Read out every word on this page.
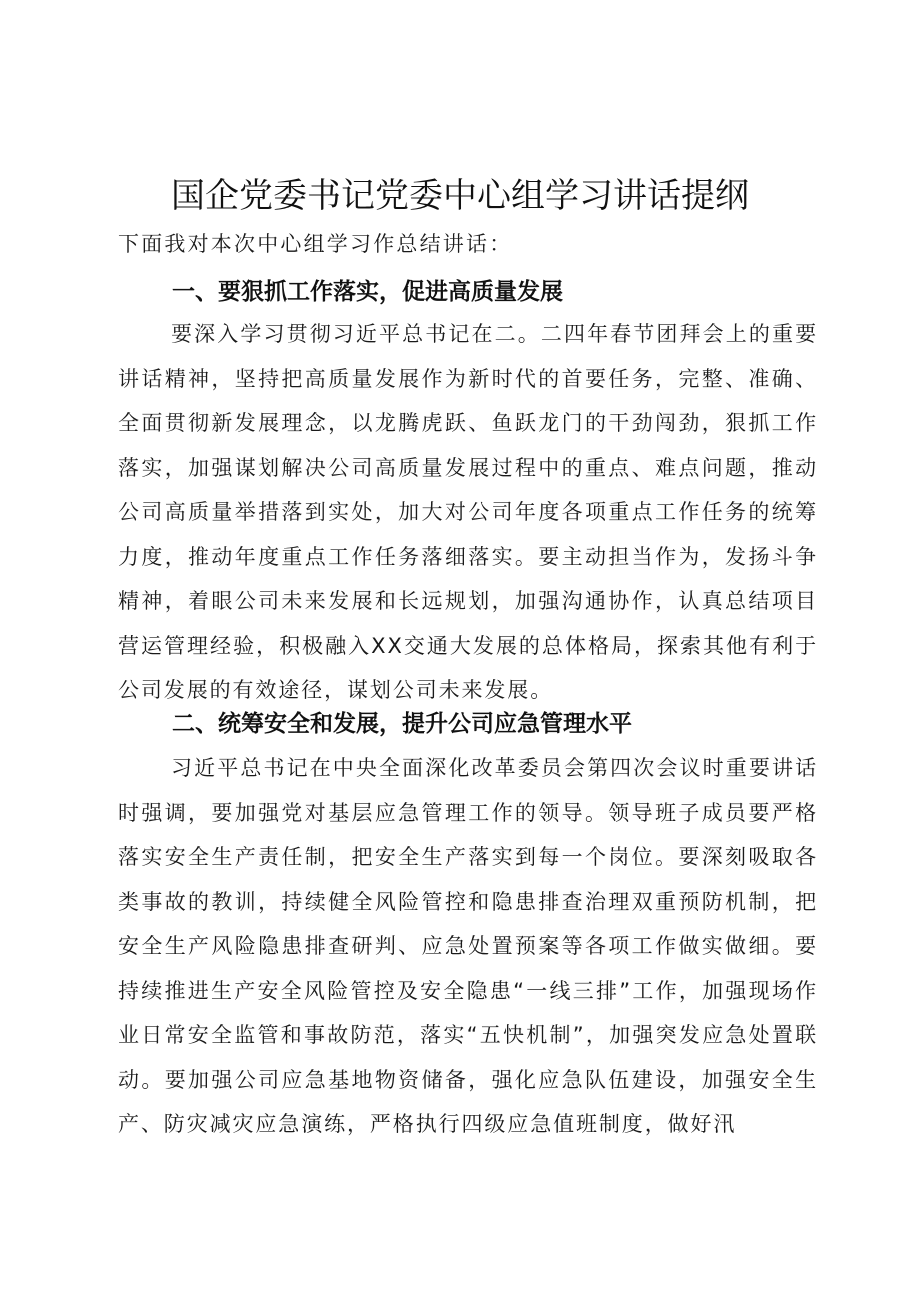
国企党委书记党委中心组学习讲话提纲

下面我对本次中心组学习作总结讲话：

一、要狠抓工作落实，促进高质量发展

要深入学习贯彻习近平总书记在二。二四年春节团拜会上的重要讲话精神，坚持把高质量发展作为新时代的首要任务，完整、准确、全面贯彻新发展理念，以龙腾虎跃、鱼跃龙门的干劲闯劲，狠抓工作落实，加强谋划解决公司高质量发展过程中的重点、难点问题，推动公司高质量举措落到实处，加大对公司年度各项重点工作任务的统筹力度，推动年度重点工作任务落细落实。要主动担当作为，发扬斗争精神，着眼公司未来发展和长远规划，加强沟通协作，认真总结项目营运管理经验，积极融入XX交通大发展的总体格局，探索其他有利于公司发展的有效途径，谋划公司未来发展。

二、统筹安全和发展，提升公司应急管理水平

习近平总书记在中央全面深化改革委员会第四次会议时重要讲话时强调，要加强党对基层应急管理工作的领导。领导班子成员要严格落实安全生产责任制，把安全生产落实到每一个岗位。要深刻吸取各类事故的教训，持续健全风险管控和隐患排查治理双重预防机制，把安全生产风险隐患排查研判、应急处置预案等各项工作做实做细。要持续推进生产安全风险管控及安全隐患“一线三排”工作，加强现场作业日常安全监管和事故防范，落实“五快机制”，加强突发应急处置联动。要加强公司应急基地物资储备，强化应急队伍建设，加强安全生产、防灾减灾应急演练，严格执行四级应急值班制度，做好汛
